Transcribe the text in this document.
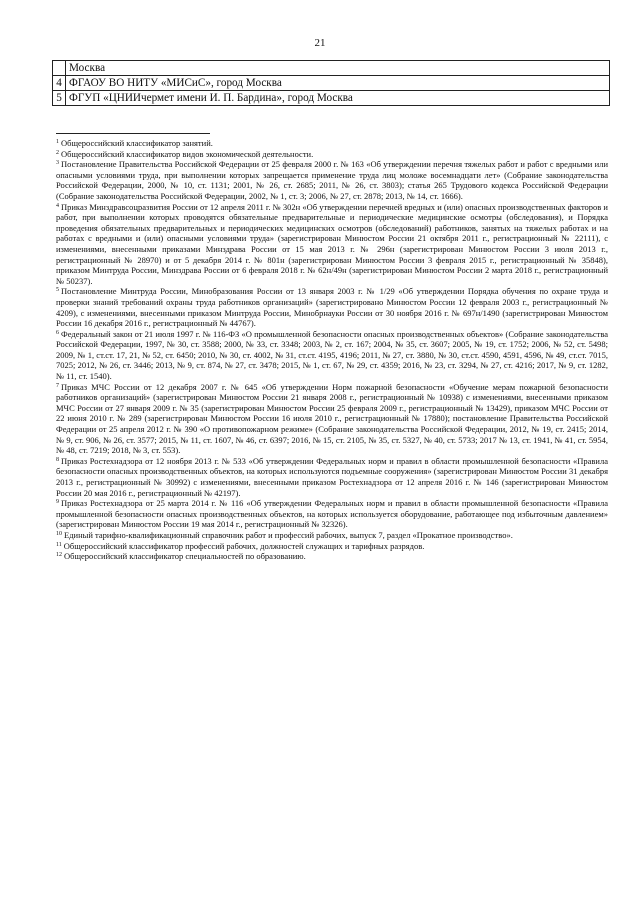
21
	Москва
4	ФГАОУ ВО НИТУ «МИСиС», город Москва
5	ФГУП «ЦНИИчермет имени И. П. Бардина», город Москва

$^1$ Общероссийский классификатор занятий.

$^2$ Общероссийский классификатор видов экономической деятельности.

$^3$ Постановление Правительства Российской Федерации от 25 февраля 2000 г. № 163 «Об утверждении перечня тяжелых работ и работ с вредными или опасными условиями труда, при выполнении которых запрещается применение труда лиц моложе восемнадцати лет» (Собрание законодательства Российской Федерации, 2000, № 10, ст. 1131; 2001, № 26, ст. 2685; 2011, № 26, ст. 3803); статья 265 Трудового кодекса Российской Федерации (Собрание законодательства Российской Федерации, 2002, № 1, ст. 3; 2006, № 27, ст. 2878; 2013, № 14, ст. 1666).

$^4$ Приказ Минздравсоцразвития России от 12 апреля 2011 г. № 302н «Об утверждении перечней вредных и (или) опасных производственных факторов и работ, при выполнении которых проводятся обязательные предварительные и периодические медицинские осмотры (обследования), и Порядка проведения обязательных предварительных и периодических медицинских осмотров (обследований) работников, занятых на тяжелых работах и на работах с вредными и (или) опасными условиями труда» (зарегистрирован Минюстом России 21 октября 2011 г., регистрационный № 22111), с изменениями, внесенными приказами Минздрава России от 15 мая 2013 г. № 296н (зарегистрирован Минюстом России 3 июля 2013 г., регистрационный № 28970) и от 5 декабря 2014 г. № 801н (зарегистрирован Минюстом России 3 февраля 2015 г., регистрационный № 35848), приказом Минтруда России, Минздрава России от 6 февраля 2018 г. № 62н/49н (зарегистрирован Минюстом России 2 марта 2018 г., регистрационный № 50237).

$^5$ Постановление Минтруда России, Минобразования России от 13 января 2003 г. № 1/29 «Об утверждении Порядка обучения по охране труда и проверки знаний требований охраны труда работников организаций» (зарегистрировано Минюстом России 12 февраля 2003 г., регистрационный № 4209), с изменениями, внесенными приказом Минтруда России, Минобрнауки России от 30 ноября 2016 г. № 697н/1490 (зарегистрирован Минюстом России 16 декабря 2016 г., регистрационный № 44767).

$^6$ Федеральный закон от 21 июля 1997 г. № 116-ФЗ «О промышленной безопасности опасных производственных объектов» (Собрание законодательства Российской Федерации, 1997, № 30, ст. 3588; 2000, № 33, ст. 3348; 2003, № 2, ст. 167; 2004, № 35, ст. 3607; 2005, № 19, ст. 1752; 2006, № 52, ст. 5498; 2009, № 1, ст.ст. 17, 21, № 52, ст. 6450; 2010, № 30, ст. 4002, № 31, ст.ст. 4195, 4196; 2011, № 27, ст. 3880, № 30, ст.ст. 4590, 4591, 4596, № 49, ст.ст. 7015, 7025; 2012, № 26, ст. 3446; 2013, № 9, ст. 874, № 27, ст. 3478; 2015, № 1, ст. 67, № 29, ст. 4359; 2016, № 23, ст. 3294, № 27, ст. 4216; 2017, № 9, ст. 1282, № 11, ст. 1540).

$^7$ Приказ МЧС России от 12 декабря 2007 г. № 645 «Об утверждении Норм пожарной безопасности «Обучение мерам пожарной безопасности работников организаций» (зарегистрирован Минюстом России 21 января 2008 г., регистрационный № 10938) с изменениями, внесенными приказом МЧС России от 27 января 2009 г. № 35 (зарегистрирован Минюстом России 25 февраля 2009 г., регистрационный № 13429), приказом МЧС России от 22 июня 2010 г. № 289 (зарегистрирован Минюстом России 16 июля 2010 г., регистрационный № 17880); постановление Правительства Российской Федерации от 25 апреля 2012 г. № 390 «О противопожарном режиме» (Собрание законодательства Российской Федерации, 2012, № 19, ст. 2415; 2014, № 9, ст. 906, № 26, ст. 3577; 2015, № 11, ст. 1607, № 46, ст. 6397; 2016, № 15, ст. 2105, № 35, ст. 5327, № 40, ст. 5733; 2017 № 13, ст. 1941, № 41, ст. 5954, № 48, ст. 7219; 2018, № 3, ст. 553).

$^8$ Приказ Ростехнадзора от 12 ноября 2013 г. № 533 «Об утверждении Федеральных норм и правил в области промышленной безопасности «Правила безопасности опасных производственных объектов, на которых используются подъемные сооружения» (зарегистрирован Минюстом России 31 декабря 2013 г., регистрационный № 30992) с изменениями, внесенными приказом Ростехнадзора от 12 апреля 2016 г. № 146 (зарегистрирован Минюстом России 20 мая 2016 г., регистрационный № 42197).

$^9$ Приказ Ростехнадзора от 25 марта 2014 г. № 116 «Об утверждении Федеральных норм и правил в области промышленной безопасности «Правила промышленной безопасности опасных производственных объектов, на которых используется оборудование, работающее под избыточным давлением» (зарегистрирован Минюстом России 19 мая 2014 г., регистрационный № 32326).

$^{10}$ Единый тарифно-квалификационный справочник работ и профессий рабочих, выпуск 7, раздел «Прокатное производство».

$^{11}$ Общероссийский классификатор профессий рабочих, должностей служащих и тарифных разрядов.

$^{12}$ Общероссийский классификатор специальностей по образованию.
